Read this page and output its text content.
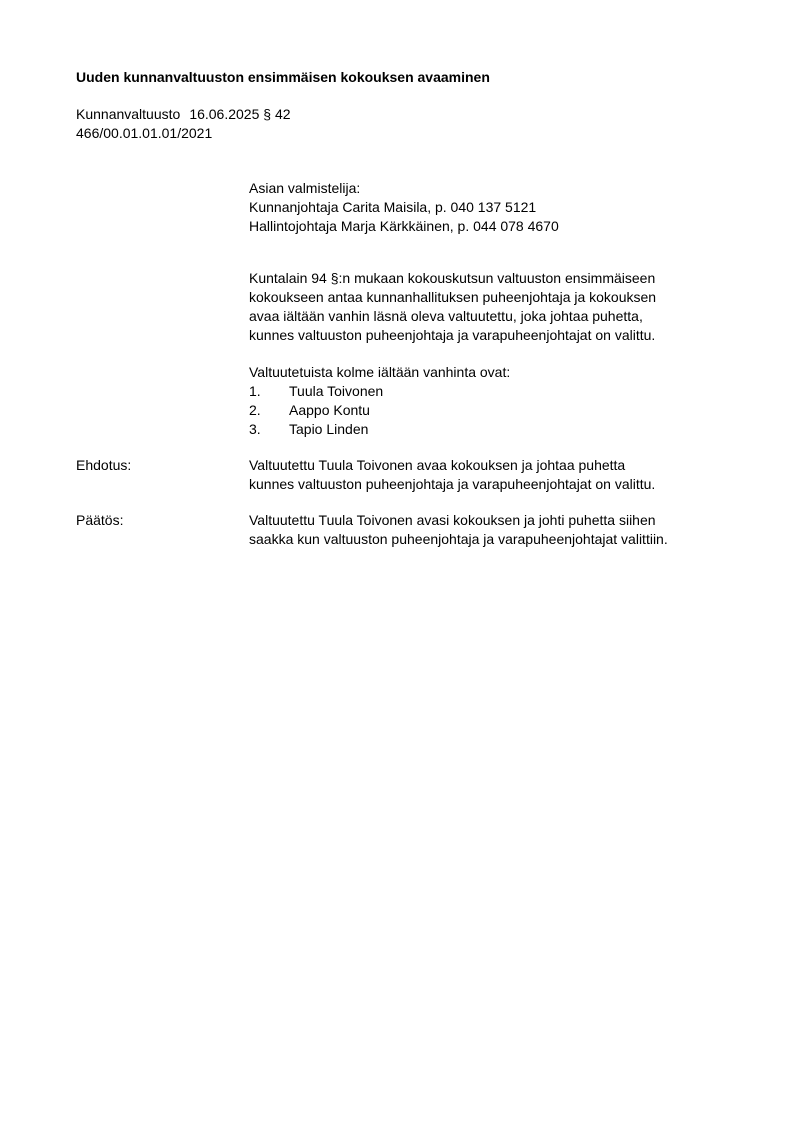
Uuden kunnanvaltuuston ensimmäisen kokouksen avaaminen
Kunnanvaltuusto 16.06.2025 § 42
466/00.01.01.01/2021
Asian valmistelija:
Kunnanjohtaja Carita Maisila, p. 040 137 5121
Hallintojohtaja Marja Kärkkäinen, p. 044 078 4670
Kuntalain 94 §:n mukaan kokouskutsun valtuuston ensimmäiseen
kokoukseen antaa kunnanhallituksen puheenjohtaja ja kokouksen
avaa iältään vanhin läsnä oleva valtuutettu, joka johtaa puhetta,
kunnes valtuuston puheenjohtaja ja varapuheenjohtajat on valittu.
Valtuutetuista kolme iältään vanhinta ovat:
1. Tuula Toivonen
2. Aappo Kontu
3. Tapio Linden
Ehdotus:	Valtuutettu Tuula Toivonen avaa kokouksen ja johtaa puhetta
kunnes valtuuston puheenjohtaja ja varapuheenjohtajat on valittu.
Päätös:	Valtuutettu Tuula Toivonen avasi kokouksen ja johti puhetta siihen
saakka kun valtuuston puheenjohtaja ja varapuheenjohtajat valittiin.
